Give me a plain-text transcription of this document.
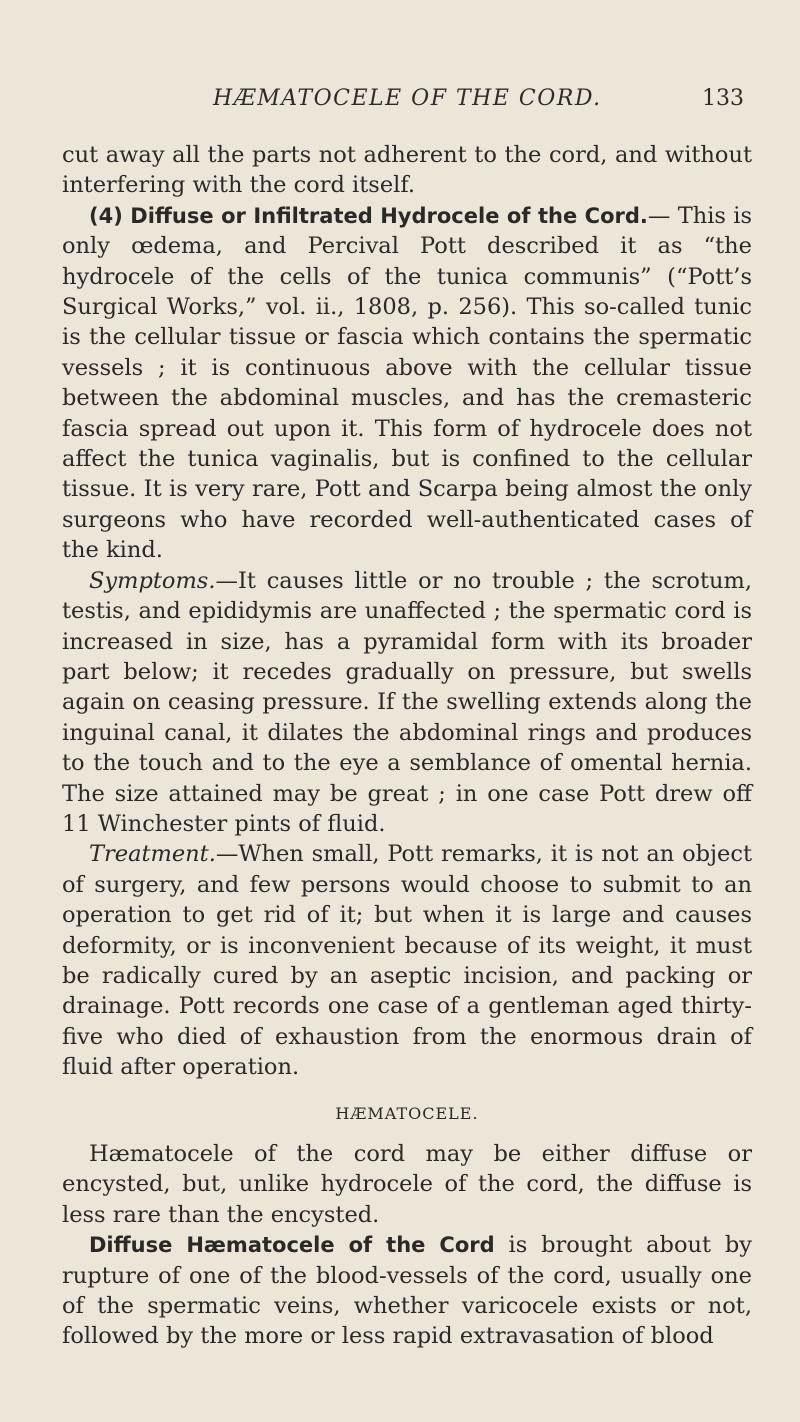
HÆMATOCELE OF THE CORD.	133

cut away all the parts not adherent to the cord, and without interfering with the cord itself.

(4) Diffuse or Infiltrated Hydrocele of the Cord.— This is only œdema, and Percival Pott described it as “the hydrocele of the cells of the tunica communis” (“Pott’s Surgical Works,” vol. ii., 1808, p. 256). This so-called tunic is the cellular tissue or fascia which contains the spermatic vessels ; it is continuous above with the cellular tissue between the abdominal muscles, and has the cremasteric fascia spread out upon it. This form of hydrocele does not affect the tunica vaginalis, but is confined to the cellular tissue. It is very rare, Pott and Scarpa being almost the only surgeons who have recorded well-authenticated cases of the kind.

Symptoms.—It causes little or no trouble ; the scrotum, testis, and epididymis are unaffected ; the spermatic cord is increased in size, has a pyramidal form with its broader part below; it recedes gradually on pressure, but swells again on ceasing pressure. If the swelling extends along the inguinal canal, it dilates the abdominal rings and produces to the touch and to the eye a semblance of omental hernia. The size attained may be great ; in one case Pott drew off 11 Winchester pints of fluid.

Treatment.—When small, Pott remarks, it is not an object of surgery, and few persons would choose to submit to an operation to get rid of it; but when it is large and causes deformity, or is inconvenient because of its weight, it must be radically cured by an aseptic incision, and packing or drainage. Pott records one case of a gentleman aged thirty-five who died of exhaustion from the enormous drain of fluid after operation.

HÆMATOCELE.

Hæmatocele of the cord may be either diffuse or encysted, but, unlike hydrocele of the cord, the diffuse is less rare than the encysted.

Diffuse Hæmatocele of the Cord is brought about by rupture of one of the blood-vessels of the cord, usually one of the spermatic veins, whether varicocele exists or not, followed by the more or less rapid extravasation of blood
